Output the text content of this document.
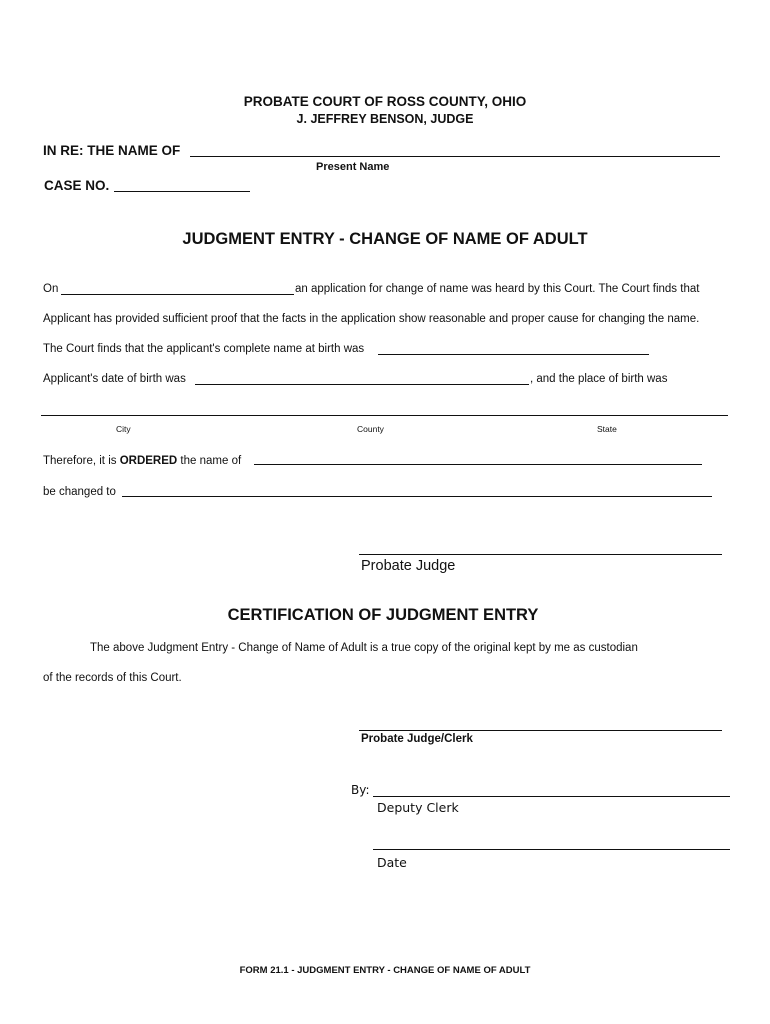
PROBATE COURT OF ROSS COUNTY, OHIO
J. JEFFREY BENSON, JUDGE
IN RE: THE NAME OF
Present Name
CASE NO.
JUDGMENT ENTRY - CHANGE OF NAME OF ADULT
On	an application for change of name was heard by this Court. The Court finds that
Applicant has provided sufficient proof that the facts in the application show reasonable and proper cause for changing the name.
The Court finds that the applicant's complete name at birth was
Applicant's date of birth was	, and the place of birth was
City	County	State
Therefore, it is ORDERED the name of
be changed to
Probate Judge
CERTIFICATION OF JUDGMENT ENTRY
The above Judgment Entry - Change of Name of Adult is a true copy of the original kept by me as custodian
of the records of this Court.
Probate Judge/Clerk
By:
Deputy Clerk
Date
FORM 21.1 - JUDGMENT ENTRY - CHANGE OF NAME OF ADULT
